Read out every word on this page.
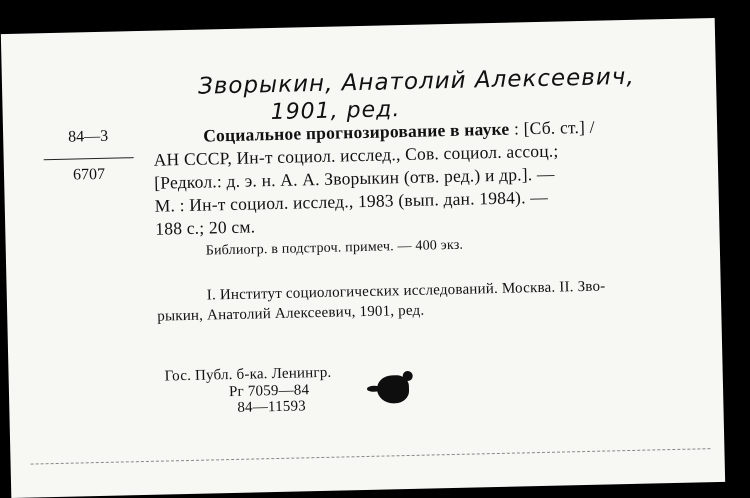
Зворыкин, Анатолий Алексеевич,
1901, ред.
84—3
6707
Социальное прогнозирование в науке : [Сб. ст.] /
АН СССР, Ин-т социол. исслед., Сов. социол. ассоц.;
[Редкол.: д. э. н. А. А. Зворыкин (отв. ред.) и др.]. —
М. : Ин-т социол. исслед., 1983 (вып. дан. 1984). —
188 с.; 20 см.
Библиогр. в подстроч. примеч. — 400 экз.
I. Институт социологических исследований. Москва. II. Зво-
рыкин, Анатолий Алексеевич, 1901, ред.
Гос. Публ. б-ка. Ленингр.
Рг 7059—84
84—11593
